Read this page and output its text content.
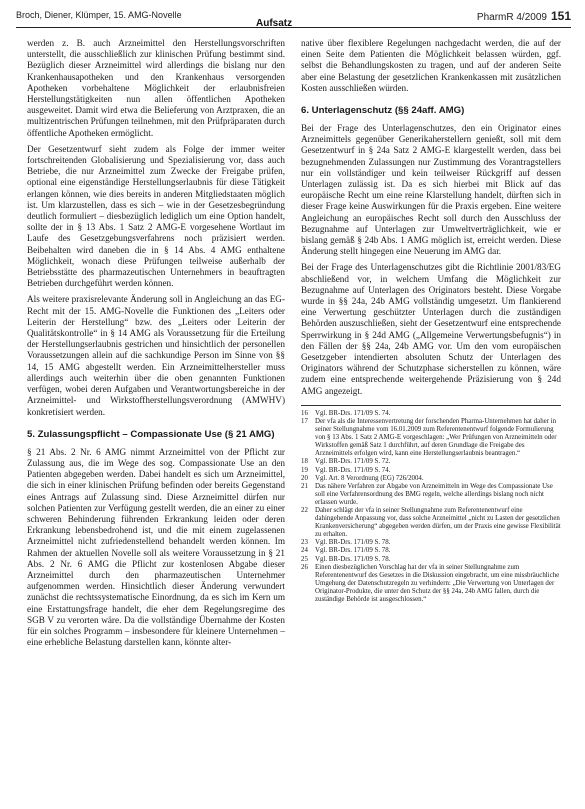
Broch, Diener, Klümper, 15. AMG-Novelle
Aufsatz
PharmR 4/2009 151

werden z. B. auch Arzneimittel den Herstellungsvorschriften unterstellt, die ausschließlich zur klinischen Prüfung bestimmt sind. Bezüglich dieser Arzneimittel wird allerdings die bislang nur den Krankenhausapotheken und den Krankenhaus versorgenden Apotheken vorbehaltene Möglichkeit der erlaubnisfreien Herstellungstätigkeiten nun allen öffentlichen Apotheken ausgeweitet. Damit wird etwa die Belieferung von Arztpraxen, die an multizentrischen Prüfungen teilnehmen, mit den Prüfpräparaten durch öffentliche Apotheken ermöglicht.

Der Gesetzentwurf sieht zudem als Folge der immer weiter fortschreitenden Globalisierung und Spezialisierung vor, dass auch Betriebe, die nur Arzneimittel zum Zwecke der Freigabe prüfen, optional eine eigenständige Herstellungserlaubnis für diese Tätigkeit erlangen können, wie dies bereits in anderen Mitgliedstaaten möglich ist. Um klarzustellen, dass es sich – wie in der Gesetzesbegründung deutlich formuliert – diesbezüglich lediglich um eine Option handelt, sollte der in § 13 Abs. 1 Satz 2 AMG-E vorgesehene Wortlaut im Laufe des Gesetzgebungsverfahrens noch präzisiert werden. Beibehalten wird daneben die in § 14 Abs. 4 AMG enthaltene Möglichkeit, wonach diese Prüfungen teilweise außerhalb der Betriebsstätte des pharmazeutischen Unternehmers in beauftragten Betrieben durchgeführt werden können.

Als weitere praxisrelevante Änderung soll in Angleichung an das EG-Recht mit der 15. AMG-Novelle die Funktionen des „Leiters oder Leiterin der Herstellung“ bzw. des „Leiters oder Leiterin der Qualitätskontrolle“ in § 14 AMG als Voraussetzung für die Erteilung der Herstellungserlaubnis gestrichen und hinsichtlich der personellen Voraussetzungen allein auf die sachkundige Person im Sinne von §§ 14, 15 AMG abgestellt werden. Ein Arzneimittelhersteller muss allerdings auch weiterhin über die oben genannten Funktionen verfügen, wobei deren Aufgaben und Verantwortungsbereiche in der Arzneimittel- und Wirkstoffherstellungsverordnung (AMWHV) konkretisiert werden.

5. Zulassungspflicht – Compassionate Use (§ 21 AMG)

§ 21 Abs. 2 Nr. 6 AMG nimmt Arzneimittel von der Pflicht zur Zulassung aus, die im Wege des sog. Compassionate Use an den Patienten abgegeben werden. Dabei handelt es sich um Arzneimittel, die sich in einer klinischen Prüfung befinden oder bereits Gegenstand eines Antrags auf Zulassung sind. Diese Arzneimittel dürfen nur solchen Patienten zur Verfügung gestellt werden, die an einer zu einer schweren Behinderung führenden Erkrankung leiden oder deren Erkrankung lebensbedrohend ist, und die mit einem zugelassenen Arzneimittel nicht zufriedenstellend behandelt werden können. Im Rahmen der aktuellen Novelle soll als weitere Voraussetzung in § 21 Abs. 2 Nr. 6 AMG die Pflicht zur kostenlosen Abgabe dieser Arzneimittel durch den pharmazeutischen Unternehmer aufgenommen werden. Hinsichtlich dieser Änderung verwundert zunächst die rechtssystematische Einordnung, da es sich im Kern um eine Erstattungsfrage handelt, die eher dem Regelungsregime des SGB V zu verorten wäre. Da die vollständige Übernahme der Kosten für ein solches Programm – insbesondere für kleinere Unternehmen – eine erhebliche Belastung darstellen kann, könnte alter-

native über flexiblere Regelungen nachgedacht werden, die auf der einen Seite dem Patienten die Möglichkeit belassen würden, ggf. selbst die Behandlungskosten zu tragen, und auf der anderen Seite aber eine Belastung der gesetzlichen Krankenkassen mit zusätzlichen Kosten ausschließen würden.

6. Unterlagenschutz (§§ 24aff. AMG)

Bei der Frage des Unterlagenschutzes, den ein Originator eines Arzneimittels gegenüber Generikaherstellern genießt, soll mit dem Gesetzentwurf in § 24a Satz 2 AMG-E klargestellt werden, dass bei bezugnehmenden Zulassungen nur Zustimmung des Vorantragstellers nur ein vollständiger und kein teilweiser Rückgriff auf dessen Unterlagen zulässig ist. Da es sich hierbei mit Blick auf das europäische Recht um eine reine Klarstellung handelt, dürften sich in dieser Frage keine Auswirkungen für die Praxis ergeben. Eine weitere Angleichung an europäisches Recht soll durch den Ausschluss der Bezugnahme auf Unterlagen zur Umweltverträglichkeit, wie er bislang gemäß § 24b Abs. 1 AMG möglich ist, erreicht werden. Diese Änderung stellt hingegen eine Neuerung im AMG dar.

Bei der Frage des Unterlagenschutzes gibt die Richtlinie 2001/83/EG abschließend vor, in welchem Umfang die Möglichkeit zur Bezugnahme auf Unterlagen des Originators besteht. Diese Vorgabe wurde in §§ 24a, 24b AMG vollständig umgesetzt. Um flankierend eine Verwertung geschützter Unterlagen durch die zuständigen Behörden auszuschließen, sieht der Gesetzentwurf eine entsprechende Sperrwirkung in § 24d AMG („Allgemeine Verwertungsbefugnis“) in den Fällen der §§ 24a, 24b AMG vor. Um den vom europäischen Gesetzgeber intendierten absoluten Schutz der Unterlagen des Originators während der Schutzphase sicherstellen zu können, wäre zudem eine entsprechende weitergehende Präzisierung von § 24d AMG angezeigt.

16	Vgl. BR-Drs. 171/09 S. 74.
17	Der vfa als die Interessenvertretung der forschenden Pharma-Unternehmen hat daher in seiner Stellungnahme vom 16.01.2009 zum Referentenentwurf folgende Formulierung von § 13 Abs. 1 Satz 2 AMG-E vorgeschlagen: „Wer Prüfungen von Arzneimitteln oder Wirkstoffen gemäß Satz 1 durchführt, auf deren Grundlage die Freigabe des Arzneimittels erfolgen wird, kann eine Herstellungserlaubnis beantragen.“
18	Vgl. BR-Drs. 171/09 S. 72.
19	Vgl. BR-Drs. 171/09 S. 74.
20	Vgl. Art. 8 Verordnung (EG) 726/2004.
21	Das nähere Verfahren zur Abgabe von Arzneimitteln im Wege des Compassionate Use soll eine Verfahrensordnung des BMG regeln, welche allerdings bislang noch nicht erlassen wurde.
22	Daher schlägt der vfa in seiner Stellungnahme zum Referentenentwurf eine dahingehende Anpassung vor, dass solche Arzneimittel „nicht zu Lasten der gesetzlichen Krankenversicherung“ abgegeben werden dürfen, um der Praxis eine gewisse Flexibilität zu erhalten.
23	Vgl. BR-Drs. 171/09 S. 78.
24	Vgl. BR-Drs. 171/09 S. 78.
25	Vgl. BR-Drs. 171/09 S. 78.
26	Einen diesbezüglichen Vorschlag hat der vfa in seiner Stellungnahme zum Referentenentwurf des Gesetzes in die Diskussion eingebracht, um eine missbräuchliche Umgehung der Datenschutzregeln zu verhindern: „Die Verwertung von Unterlagen der Originator-Produkte, die unter den Schutz der §§ 24a, 24b AMG fallen, durch die zuständige Behörde ist ausgeschlossen.“
